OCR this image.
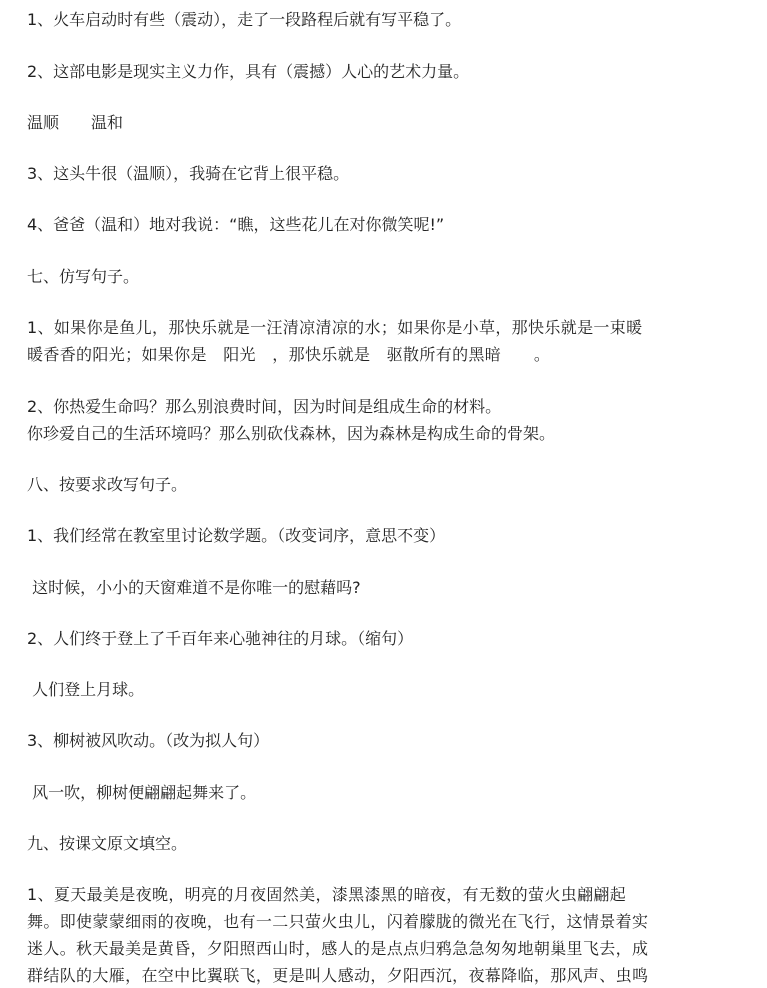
1、火车启动时有些（震动），走了一段路程后就有写平稳了。
2、这部电影是现实主义力作，具有（震撼）人心的艺术力量。
温顺　　温和
3、这头牛很（温顺），我骑在它背上很平稳。
4、爸爸（温和）地对我说：“瞧，这些花儿在对你微笑呢!”
七、仿写句子。
1、如果你是鱼儿，那快乐就是一汪清凉清凉的水；如果你是小草，那快乐就是一束暖
暖香香的阳光；如果你是　阳光　，那快乐就是　驱散所有的黑暗　　。
2、你热爱生命吗？那么别浪费时间，因为时间是组成生命的材料。
你珍爱自己的生活环境吗？那么别砍伐森林，因为森林是构成生命的骨架。
八、按要求改写句子。
1、我们经常在教室里讨论数学题。（改变词序，意思不变）
这时候，小小的天窗难道不是你唯一的慰藉吗?
2、人们终于登上了千百年来心驰神往的月球。（缩句）
人们登上月球。
3、柳树被风吹动。（改为拟人句）
风一吹，柳树便翩翩起舞来了。
九、按课文原文填空。
1、夏天最美是夜晚，明亮的月夜固然美，漆黑漆黑的暗夜，有无数的萤火虫翩翩起
舞。即使蒙蒙细雨的夜晚，也有一二只萤火虫儿，闪着朦胧的微光在飞行，这情景着实
迷人。秋天最美是黄昏，夕阳照西山时，感人的是点点归鸦急急匆匆地朝巢里飞去，成
群结队的大雁，在空中比翼联飞，更是叫人感动，夕阳西沉，夜幕降临，那风声、虫鸣
